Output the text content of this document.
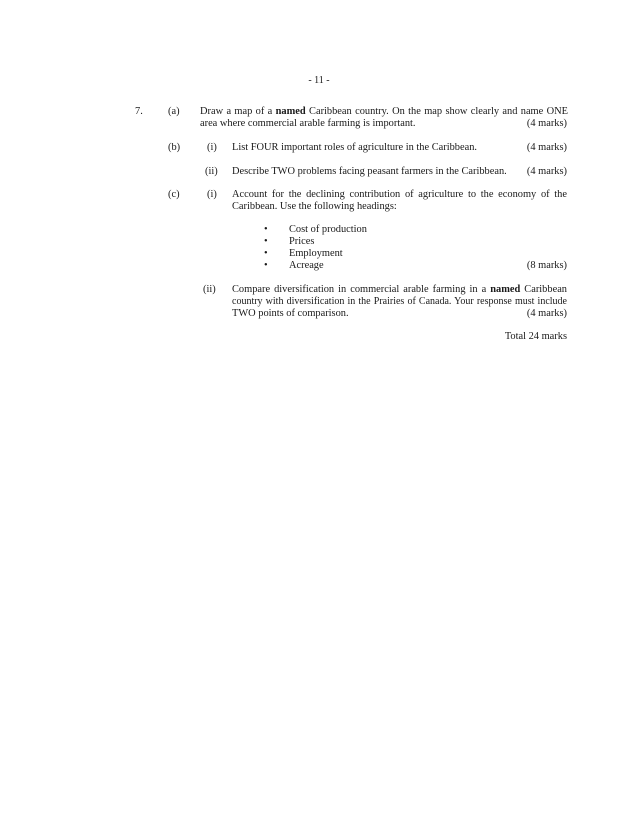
- 11 -
7. (a) Draw a map of a named Caribbean country. On the map show clearly and name ONE
area where commercial arable farming is important.	(4 marks)
(b)	(i) List FOUR important roles of agriculture in the Caribbean.	(4 marks)
(ii) Describe TWO problems facing peasant farmers in the Caribbean.	(4 marks)
(c)	(i) Account for the declining contribution of agriculture to the economy of the
Caribbean. Use the following headings:
• Cost of production
• Prices
• Employment
• Acreage	(8 marks)
(ii) Compare diversification in commercial arable farming in a named Caribbean
country with diversification in the Prairies of Canada. Your response must include
TWO points of comparison.	(4 marks)
Total 24 marks
